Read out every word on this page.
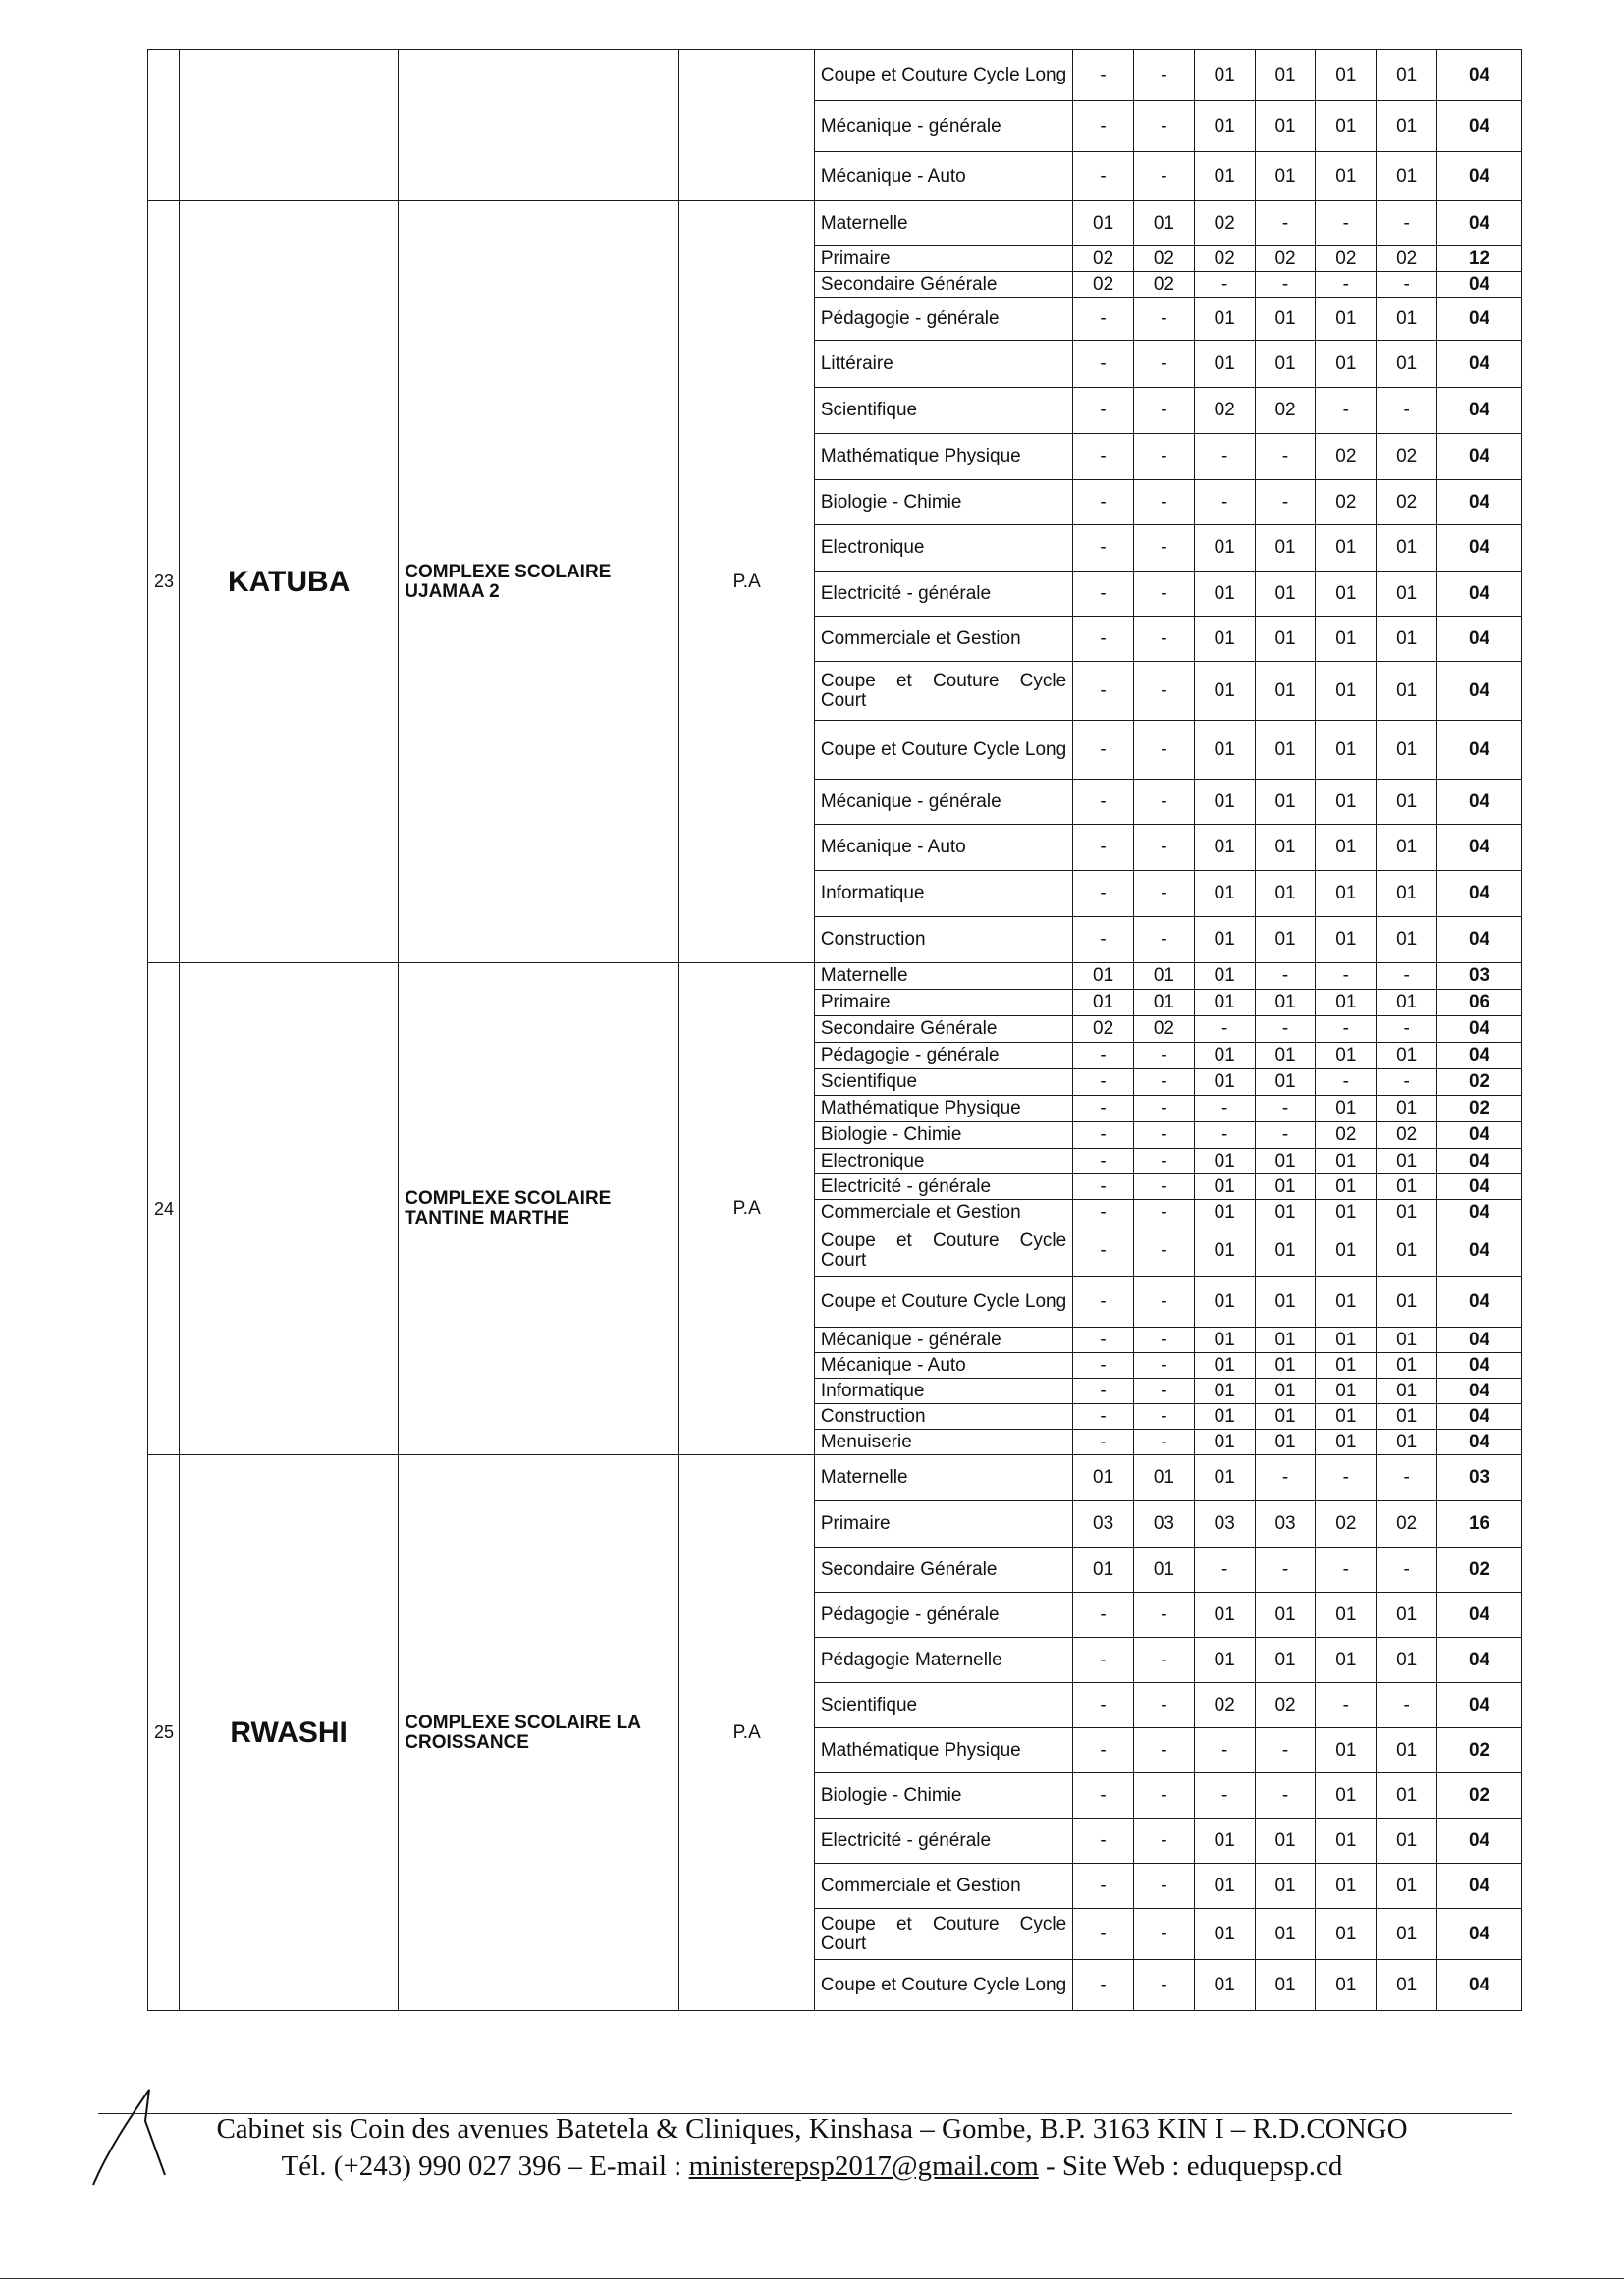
				Coupe et Couture Cycle Long	-	-	01	01	01	01	04
				Mécanique - générale	-	-	01	01	01	01	04
				Mécanique - Auto	-	-	01	01	01	01	04
23	KATUBA	COMPLEXE SCOLAIRE UJAMAA 2	P.A	Maternelle	01	01	02	-	-	-	04
				Primaire	02	02	02	02	02	02	12
				Secondaire Générale	02	02	-	-	-	-	04
				Pédagogie - générale	-	-	01	01	01	01	04
				Littéraire	-	-	01	01	01	01	04
				Scientifique	-	-	02	02	-	-	04
				Mathématique Physique	-	-	-	-	02	02	04
				Biologie - Chimie	-	-	-	-	02	02	04
				Electronique	-	-	01	01	01	01	04
				Electricité - générale	-	-	01	01	01	01	04
				Commerciale et Gestion	-	-	01	01	01	01	04
				Coupe et Couture Cycle Court	-	-	01	01	01	01	04
				Coupe et Couture Cycle Long	-	-	01	01	01	01	04
				Mécanique - générale	-	-	01	01	01	01	04
				Mécanique - Auto	-	-	01	01	01	01	04
				Informatique	-	-	01	01	01	01	04
				Construction	-	-	01	01	01	01	04
24		COMPLEXE SCOLAIRE TANTINE MARTHE	P.A	Maternelle	01	01	01	-	-	-	03
				Primaire	01	01	01	01	01	01	06
				Secondaire Générale	02	02	-	-	-	-	04
				Pédagogie - générale	-	-	01	01	01	01	04
				Scientifique	-	-	01	01	-	-	02
				Mathématique Physique	-	-	-	-	01	01	02
				Biologie - Chimie	-	-	-	-	02	02	04
				Electronique	-	-	01	01	01	01	04
				Electricité - générale	-	-	01	01	01	01	04
				Commerciale et Gestion	-	-	01	01	01	01	04
				Coupe et Couture Cycle Court	-	-	01	01	01	01	04
				Coupe et Couture Cycle Long	-	-	01	01	01	01	04
				Mécanique - générale	-	-	01	01	01	01	04
				Mécanique - Auto	-	-	01	01	01	01	04
				Informatique	-	-	01	01	01	01	04
				Construction	-	-	01	01	01	01	04
				Menuiserie	-	-	01	01	01	01	04
25	RWASHI	COMPLEXE SCOLAIRE LA CROISSANCE	P.A	Maternelle	01	01	01	-	-	-	03
				Primaire	03	03	03	03	02	02	16
				Secondaire Générale	01	01	-	-	-	-	02
				Pédagogie - générale	-	-	01	01	01	01	04
				Pédagogie Maternelle	-	-	01	01	01	01	04
				Scientifique	-	-	02	02	-	-	04
				Mathématique Physique	-	-	-	-	01	01	02
				Biologie - Chimie	-	-	-	-	01	01	02
				Electricité - générale	-	-	01	01	01	01	04
				Commerciale et Gestion	-	-	01	01	01	01	04
				Coupe et Couture Cycle Court	-	-	01	01	01	01	04
				Coupe et Couture Cycle Long	-	-	01	01	01	01	04
Cabinet sis Coin des avenues Batetela & Cliniques, Kinshasa – Gombe, B.P. 3163 KIN I – R.D.CONGO
Tél. (+243) 990 027 396 – E-mail : ministerepsp2017@gmail.com - Site Web : eduquepsp.cd
